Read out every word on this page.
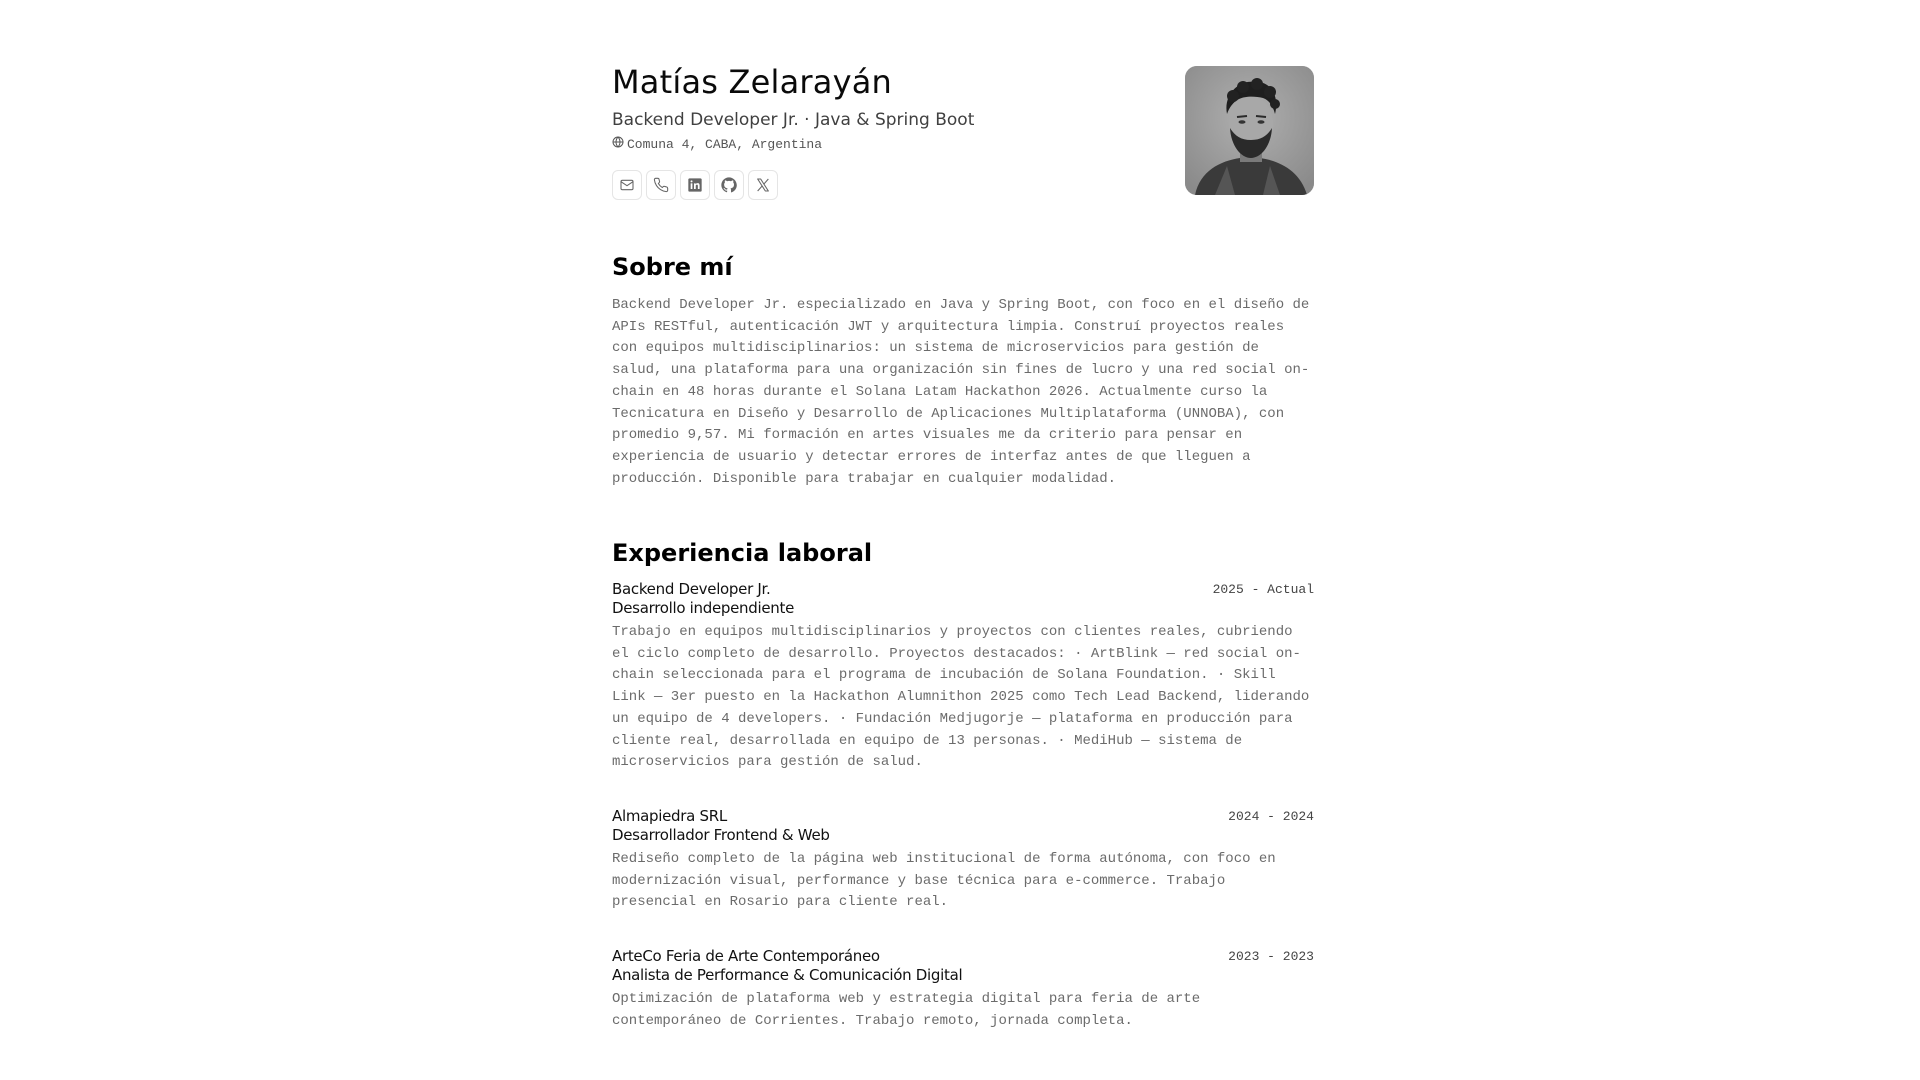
Matías Zelarayán

Backend Developer Jr. · Java & Spring Boot

Comuna 4, CABA, Argentina
Sobre mí

Backend Developer Jr. especializado en Java y Spring Boot, con foco en el diseño de APIs RESTful, autenticación JWT y arquitectura limpia. Construí proyectos reales con equipos multidisciplinarios: un sistema de microservicios para gestión de salud, una plataforma para una organización sin fines de lucro y una red social on-chain en 48 horas durante el Solana Latam Hackathon 2026. Actualmente curso la Tecnicatura en Diseño y Desarrollo de Aplicaciones Multiplataforma (UNNOBA), con promedio 9,57. Mi formación en artes visuales me da criterio para pensar en experiencia de usuario y detectar errores de interfaz antes de que lleguen a producción. Disponible para trabajar en cualquier modalidad.

Experiencia laboral
Backend Developer Jr.
Desarrollo independiente
2025 - Actual

Trabajo en equipos multidisciplinarios y proyectos con clientes reales, cubriendo el ciclo completo de desarrollo. Proyectos destacados: · ArtBlink — red social on-chain seleccionada para el programa de incubación de Solana Foundation. · Skill Link — 3er puesto en la Hackathon Alumnithon 2025 como Tech Lead Backend, liderando un equipo de 4 developers. · Fundación Medjugorje — plataforma en producción para cliente real, desarrollada en equipo de 13 personas. · MediHub — sistema de microservicios para gestión de salud.

Almapiedra SRL
Desarrollador Frontend & Web
2024 - 2024

Rediseño completo de la página web institucional de forma autónoma, con foco en modernización visual, performance y base técnica para e-commerce. Trabajo presencial en Rosario para cliente real.

ArteCo Feria de Arte Contemporáneo
Analista de Performance & Comunicación Digital
2023 - 2023

Optimización de plataforma web y estrategia digital para feria de arte contemporáneo de Corrientes. Trabajo remoto, jornada completa.
